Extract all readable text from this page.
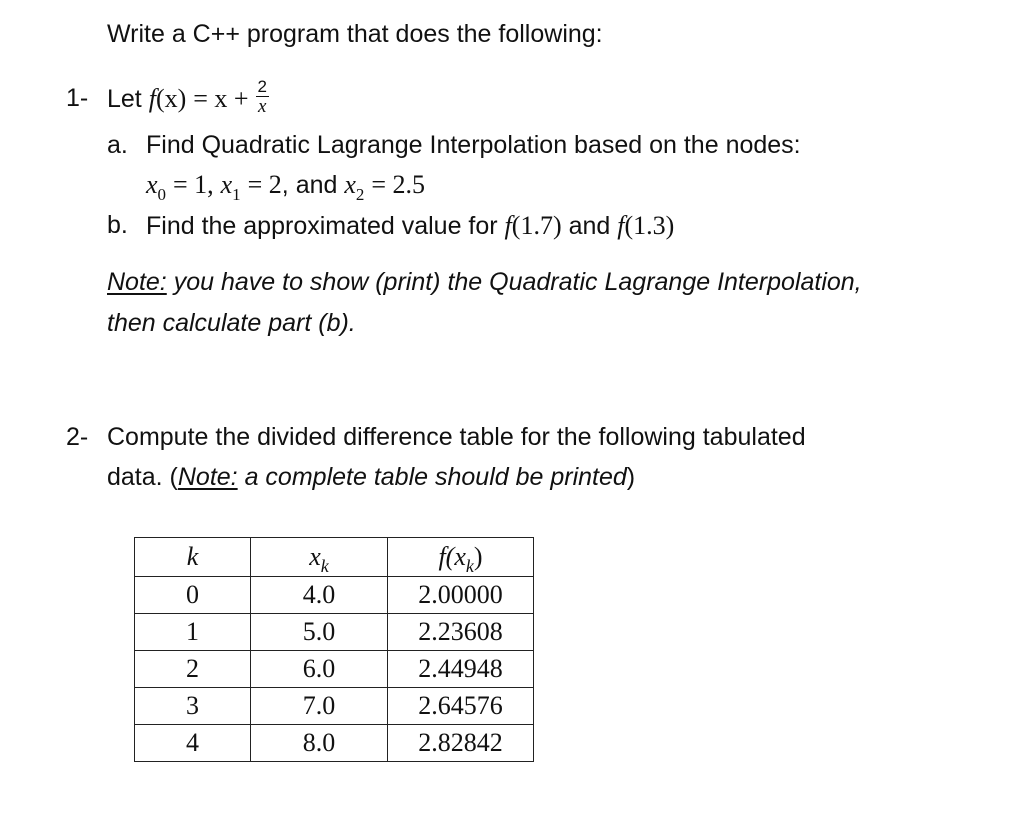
Write a C++ program that does the following:
1- Let
f (x)
= x +
$\frac{2}{x}$
a. Find Quadratic Lagrange Interpolation based on the nodes:
$x_0 = 1$, $x_1 = 2$, and $x_2 = 2.5$
b. Find the approximated value for f(1.7) and f(1.3)
Note: you have to show (print) the Quadratic Lagrange Interpolation,
then calculate part (b).
2- Compute the divided difference table for the following tabulated
data. (Note: a complete table should be printed)
k	$x_k$	$f(x_k)$
0	4.0	2.00000
1	5.0	2.23608
2	6.0	2.44948
3	7.0	2.64576
4	8.0	2.82842
